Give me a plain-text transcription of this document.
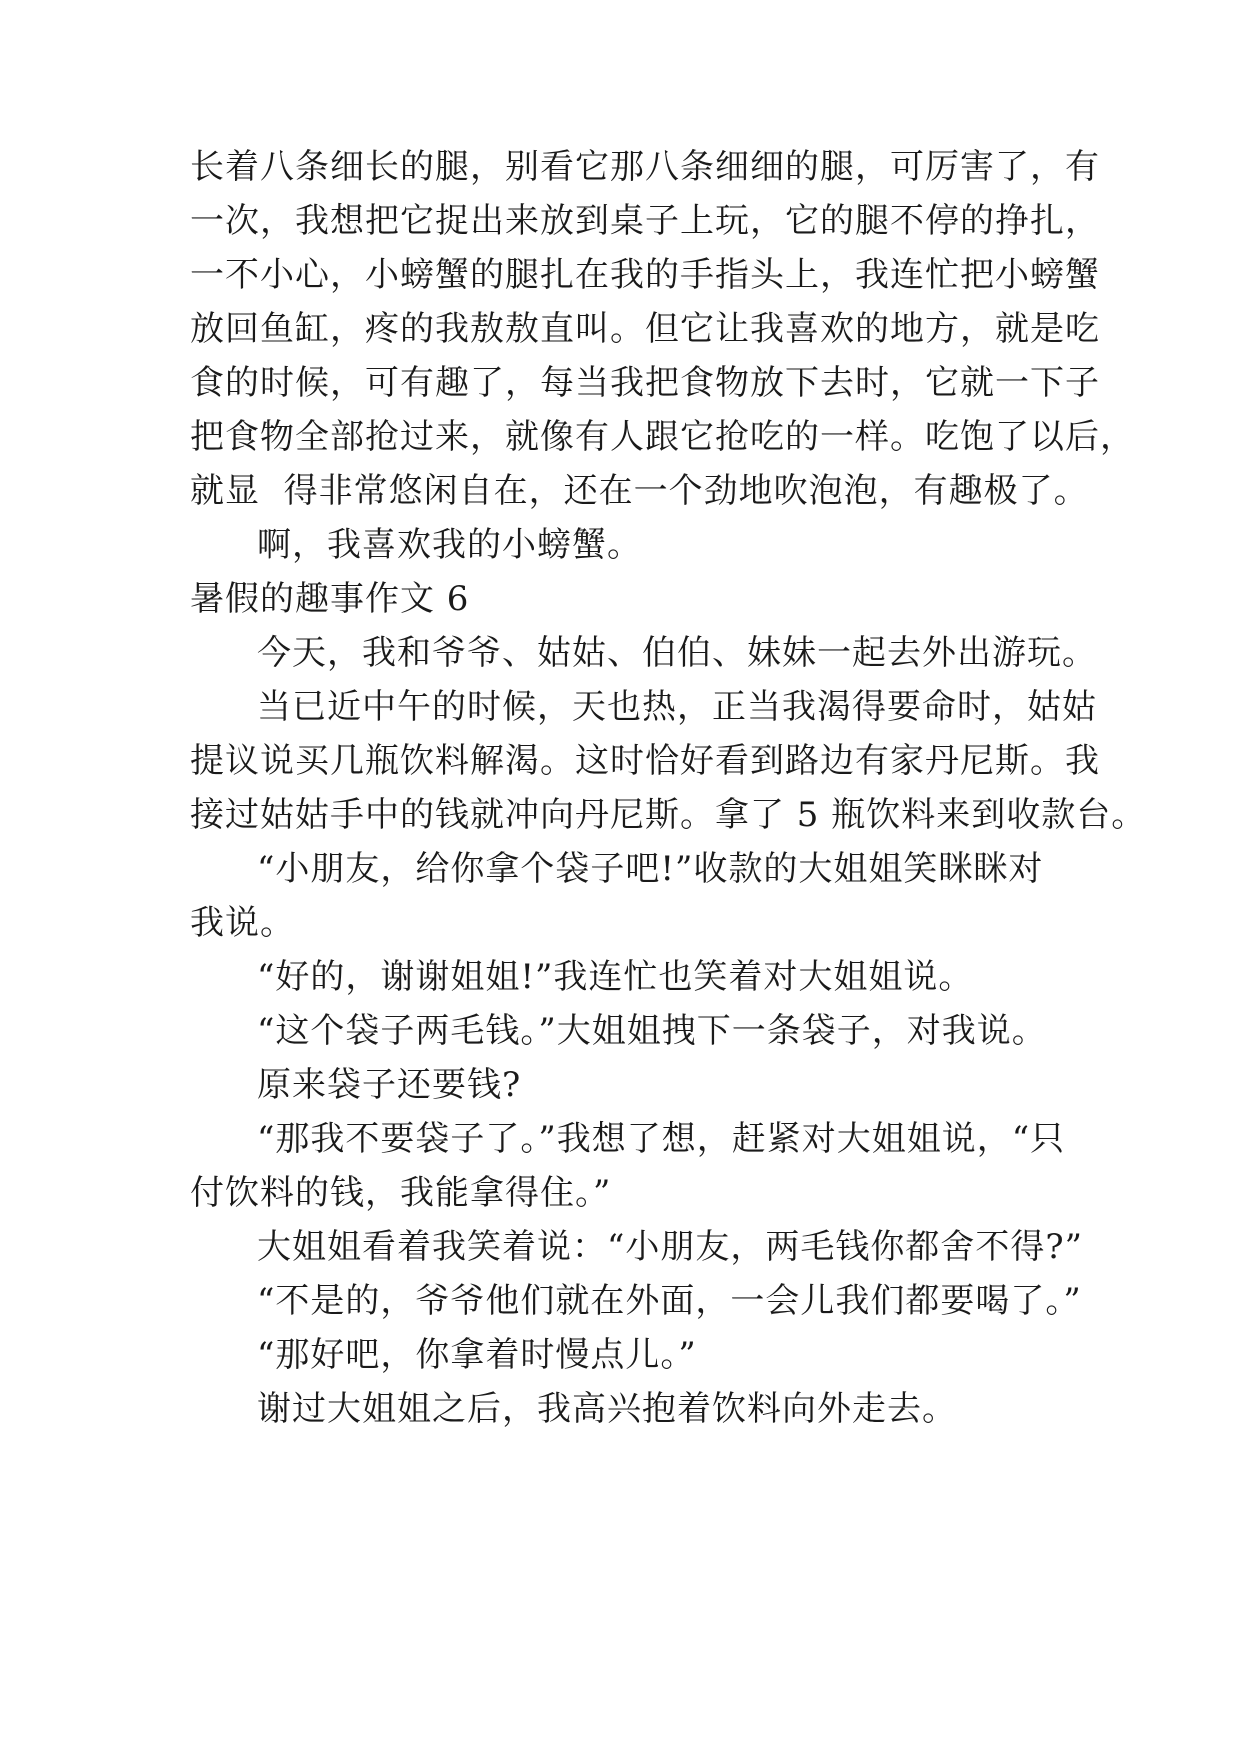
长着八条细长的腿，别看它那八条细细的腿，可厉害了，有
一次，我想把它捉出来放到桌子上玩，它的腿不停的挣扎，
一不小心，小螃蟹的腿扎在我的手指头上，我连忙把小螃蟹
放回鱼缸，疼的我敖敖直叫。但它让我喜欢的地方，就是吃
食的时候，可有趣了，每当我把食物放下去时，它就一下子
把食物全部抢过来，就像有人跟它抢吃的一样。吃饱了以后，
就显  得非常悠闲自在，还在一个劲地吹泡泡，有趣极了。
啊，我喜欢我的小螃蟹。
暑假的趣事作文 6
今天，我和爷爷、姑姑、伯伯、妹妹一起去外出游玩。
当已近中午的时候，天也热，正当我渴得要命时，姑姑
提议说买几瓶饮料解渴。这时恰好看到路边有家丹尼斯。我
接过姑姑手中的钱就冲向丹尼斯。拿了 5 瓶饮料来到收款台。
“小朋友，给你拿个袋子吧!”收款的大姐姐笑眯眯对
我说。
“好的，谢谢姐姐!”我连忙也笑着对大姐姐说。
“这个袋子两毛钱。”大姐姐拽下一条袋子，对我说。
原来袋子还要钱?
“那我不要袋子了。”我想了想，赶紧对大姐姐说，“只
付饮料的钱，我能拿得住。”
大姐姐看着我笑着说：“小朋友，两毛钱你都舍不得?”
“不是的，爷爷他们就在外面，一会儿我们都要喝了。”
“那好吧，你拿着时慢点儿。”
谢过大姐姐之后，我高兴抱着饮料向外走去。
